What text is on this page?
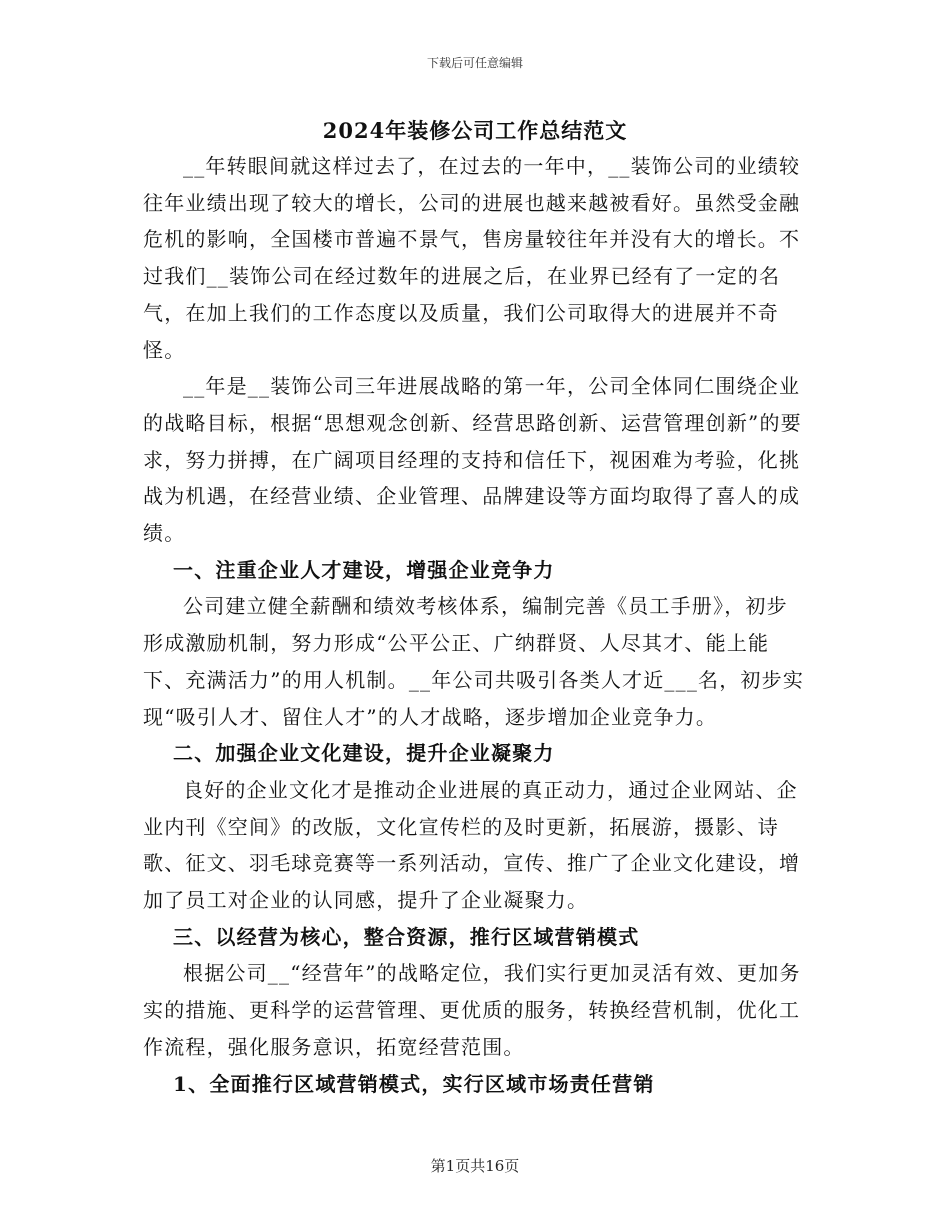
下载后可任意编辑
2024年装修公司工作总结范文

__年转眼间就这样过去了，在过去的一年中，__装饰公司的业绩较往年业绩出现了较大的增长，公司的进展也越来越被看好。虽然受金融危机的影响，全国楼市普遍不景气，售房量较往年并没有大的增长。不过我们__装饰公司在经过数年的进展之后，在业界已经有了一定的名气，在加上我们的工作态度以及质量，我们公司取得大的进展并不奇怪。

__年是__装饰公司三年进展战略的第一年，公司全体同仁围绕企业的战略目标，根据“思想观念创新、经营思路创新、运营管理创新”的要求，努力拼搏，在广阔项目经理的支持和信任下，视困难为考验，化挑战为机遇，在经营业绩、企业管理、品牌建设等方面均取得了喜人的成绩。

一、注重企业人才建设，增强企业竞争力

公司建立健全薪酬和绩效考核体系，编制完善《员工手册》，初步形成激励机制，努力形成“公平公正、广纳群贤、人尽其才、能上能下、充满活力”的用人机制。__年公司共吸引各类人才近___名，初步实现“吸引人才、留住人才”的人才战略，逐步增加企业竞争力。

二、加强企业文化建设，提升企业凝聚力

良好的企业文化才是推动企业进展的真正动力，通过企业网站、企业内刊《空间》的改版，文化宣传栏的及时更新，拓展游，摄影、诗歌、征文、羽毛球竞赛等一系列活动，宣传、推广了企业文化建设，增加了员工对企业的认同感，提升了企业凝聚力。

三、以经营为核心，整合资源，推行区域营销模式

根据公司__“经营年”的战略定位，我们实行更加灵活有效、更加务实的措施、更科学的运营管理、更优质的服务，转换经营机制，优化工作流程，强化服务意识，拓宽经营范围。

1、全面推行区域营销模式，实行区域市场责任营销

第1页共16页
